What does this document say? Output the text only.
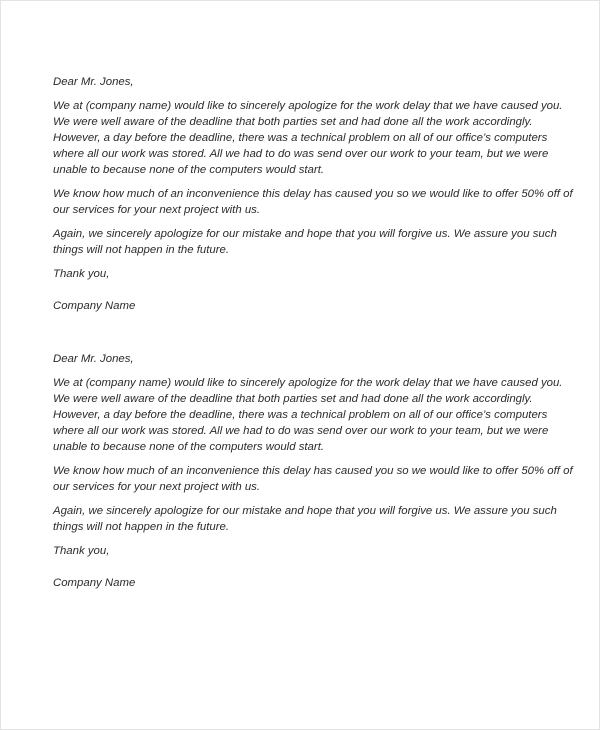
Dear Mr. Jones,

We at (company name) would like to sincerely apologize for the work delay that we have caused you. We were well aware of the deadline that both parties set and had done all the work accordingly. However, a day before the deadline, there was a technical problem on all of our office’s computers where all our work was stored. All we had to do was send over our work to your team, but we were unable to because none of the computers would start.

We know how much of an inconvenience this delay has caused you so we would like to offer 50% off of our services for your next project with us.

Again, we sincerely apologize for our mistake and hope that you will forgive us. We assure you such things will not happen in the future.

Thank you,

Company Name

Dear Mr. Jones,

We at (company name) would like to sincerely apologize for the work delay that we have caused you. We were well aware of the deadline that both parties set and had done all the work accordingly. However, a day before the deadline, there was a technical problem on all of our office’s computers where all our work was stored. All we had to do was send over our work to your team, but we were unable to because none of the computers would start.

We know how much of an inconvenience this delay has caused you so we would like to offer 50% off of our services for your next project with us.

Again, we sincerely apologize for our mistake and hope that you will forgive us. We assure you such things will not happen in the future.

Thank you,

Company Name
